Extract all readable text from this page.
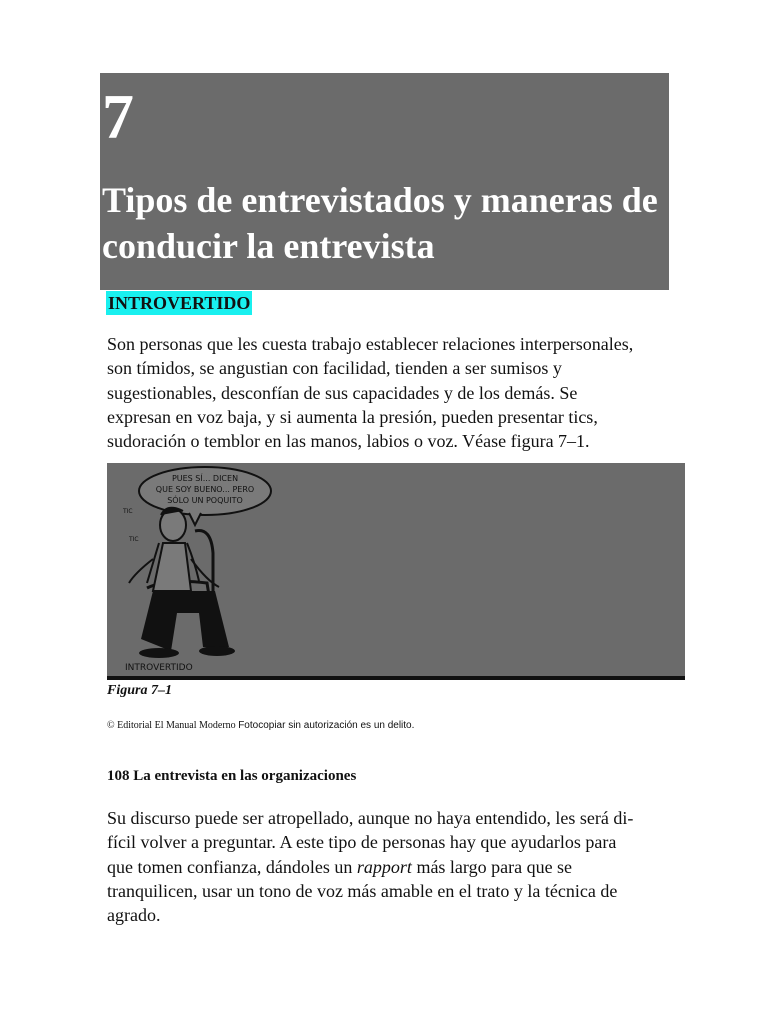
7
Tipos de entrevistados y maneras de
conducir la entrevista
INTROVERTIDO

Son personas que les cuesta trabajo establecer relaciones interpersonales,
son tímidos, se angustian con facilidad, tienden a ser sumisos y
sugestionables, desconfían de sus capacidades y de los demás. Se
expresan en voz baja, y si aumenta la presión, pueden presentar tics,
sudoración o temblor en las manos, labios o voz. Véase figura 7–1.

PUES SÍ... DICEN
QUE SOY BUENO... PERO
SÓLO UN POQUITO
TIC
TIC
INTROVERTIDO
Figura 7–1
© Editorial El Manual Moderno Fotocopiar sin autorización es un delito.
108 La entrevista en las organizaciones

Su discurso puede ser atropellado, aunque no haya entendido, les será di-
fícil volver a preguntar. A este tipo de personas hay que ayudarlos para
que tomen confianza, dándoles un rapport más largo para que se
tranquilicen, usar un tono de voz más amable en el trato y la técnica de
agrado.
